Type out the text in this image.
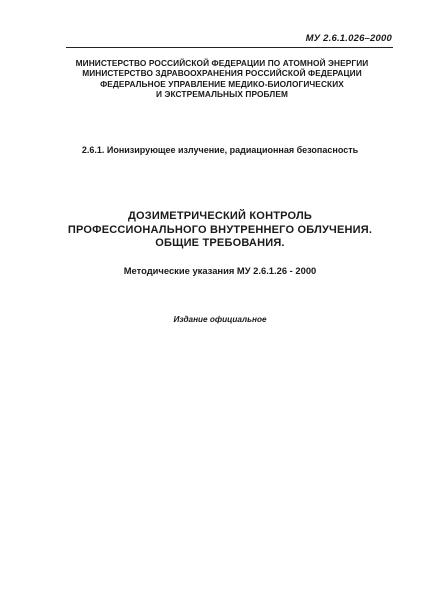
МУ 2.6.1.026–2000
МИНИСТЕРСТВО РОССИЙСКОЙ ФЕДЕРАЦИИ ПО АТОМНОЙ ЭНЕРГИИ
МИНИСТЕРСТВО ЗДРАВООХРАНЕНИЯ РОССИЙСКОЙ ФЕДЕРАЦИИ
ФЕДЕРАЛЬНОЕ УПРАВЛЕНИЕ МЕДИКО-БИОЛОГИЧЕСКИХ
И ЭКСТРЕМАЛЬНЫХ ПРОБЛЕМ
2.6.1. Ионизирующее излучение, радиационная безопасность
ДОЗИМЕТРИЧЕСКИЙ КОНТРОЛЬ
ПРОФЕССИОНАЛЬНОГО ВНУТРЕННЕГО ОБЛУЧЕНИЯ.
ОБЩИЕ ТРЕБОВАНИЯ.
Методические указания МУ 2.6.1.26 - 2000
Издание официальное
